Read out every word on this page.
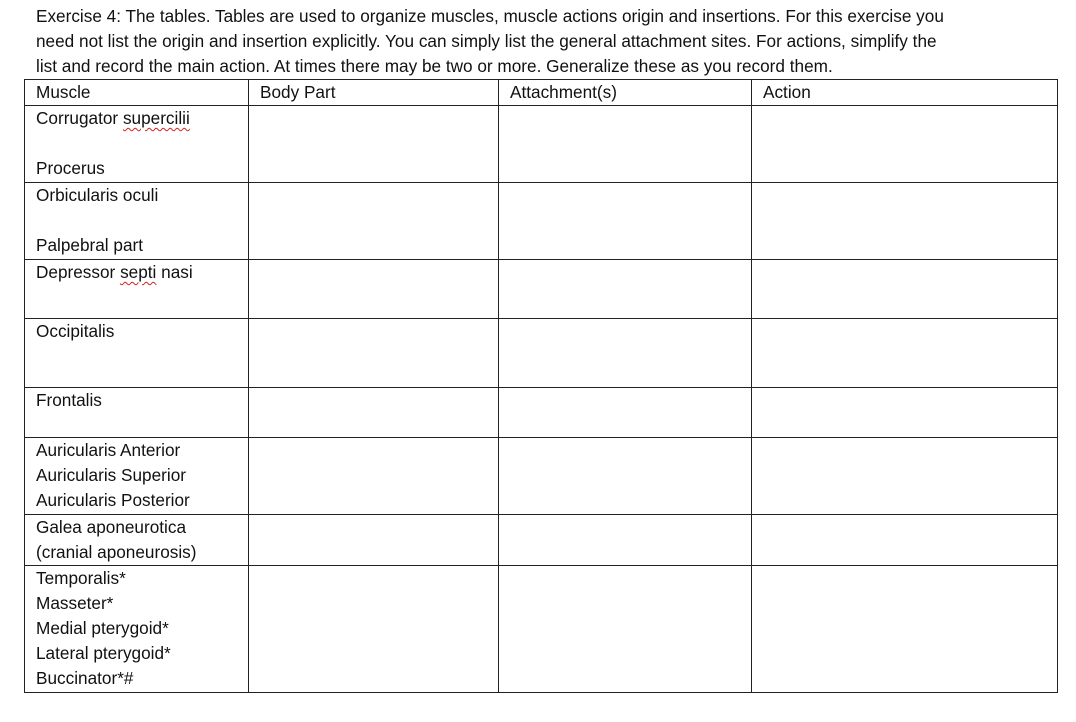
Exercise 4: The tables. Tables are used to organize muscles, muscle actions origin and insertions. For this exercise you
need not list the origin and insertion explicitly. You can simply list the general attachment sites. For actions, simplify the
list and record the main action. At times there may be two or more. Generalize these as you record them.
Muscle	Body Part	Attachment(s)	Action

Corrugator supercilii
Procerus			

Orbicularis oculi
Palpebral part			

Depressor septi nasi			

Occipitalis			

Frontalis			

Auricularis Anterior
Auricularis Superior
Auricularis Posterior			

Galea aponeurotica
(cranial aponeurosis)			

Temporalis*
Masseter*
Medial pterygoid*
Lateral pterygoid*
Buccinator*#			
